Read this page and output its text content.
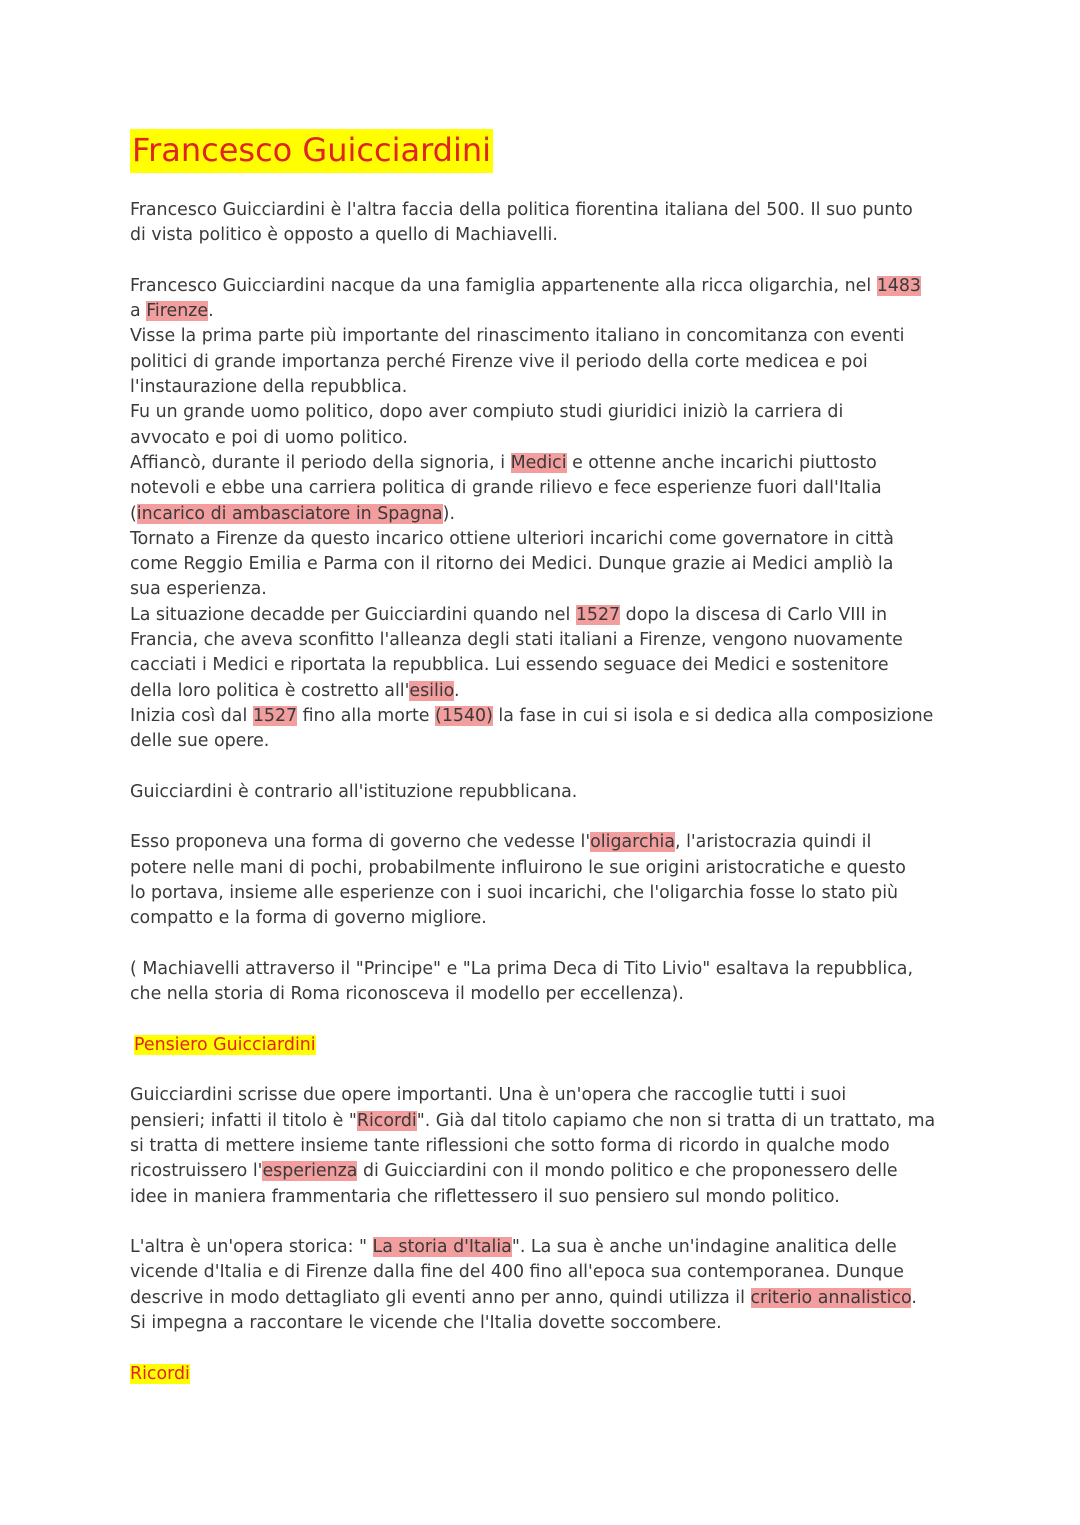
Francesco Guicciardini

Francesco Guicciardini è l'altra faccia della politica fiorentina italiana del 500. Il suo punto
di vista politico è opposto a quello di Machiavelli.

Francesco Guicciardini nacque da una famiglia appartenente alla ricca oligarchia, nel 1483
a Firenze.
Visse la prima parte più importante del rinascimento italiano in concomitanza con eventi
politici di grande importanza perché Firenze vive il periodo della corte medicea e poi
l'instaurazione della repubblica.
Fu un grande uomo politico, dopo aver compiuto studi giuridici iniziò la carriera di
avvocato e poi di uomo politico.
Affiancò, durante il periodo della signoria, i Medici e ottenne anche incarichi piuttosto
notevoli e ebbe una carriera politica di grande rilievo e fece esperienze fuori dall'Italia
(incarico di ambasciatore in Spagna).
Tornato a Firenze da questo incarico ottiene ulteriori incarichi come governatore in città
come Reggio Emilia e Parma con il ritorno dei Medici. Dunque grazie ai Medici ampliò la
sua esperienza.
La situazione decadde per Guicciardini quando nel 1527 dopo la discesa di Carlo VIII in
Francia, che aveva sconfitto l'alleanza degli stati italiani a Firenze, vengono nuovamente
cacciati i Medici e riportata la repubblica. Lui essendo seguace dei Medici e sostenitore
della loro politica è costretto all'esilio.
Inizia così dal 1527 fino alla morte (1540) la fase in cui si isola e si dedica alla composizione
delle sue opere.

Guicciardini è contrario all'istituzione repubblicana.

Esso proponeva una forma di governo che vedesse l'oligarchia, l'aristocrazia quindi il
potere nelle mani di pochi, probabilmente influirono le sue origini aristocratiche e questo
lo portava, insieme alle esperienze con i suoi incarichi, che l'oligarchia fosse lo stato più
compatto e la forma di governo migliore.

( Machiavelli attraverso il "Principe" e "La prima Deca di Tito Livio" esaltava la repubblica,
che nella storia di Roma riconosceva il modello per eccellenza).

Pensiero Guicciardini

Guicciardini scrisse due opere importanti. Una è un'opera che raccoglie tutti i suoi
pensieri; infatti il titolo è "Ricordi". Già dal titolo capiamo che non si tratta di un trattato, ma
si tratta di mettere insieme tante riflessioni che sotto forma di ricordo in qualche modo
ricostruissero l'esperienza di Guicciardini con il mondo politico e che proponessero delle
idee in maniera frammentaria che riflettessero il suo pensiero sul mondo politico.

L'altra è un'opera storica: " La storia d'Italia". La sua è anche un'indagine analitica delle
vicende d'Italia e di Firenze dalla fine del 400 fino all'epoca sua contemporanea. Dunque
descrive in modo dettagliato gli eventi anno per anno, quindi utilizza il criterio annalistico.
Si impegna a raccontare le vicende che l'Italia dovette soccombere.

Ricordi
